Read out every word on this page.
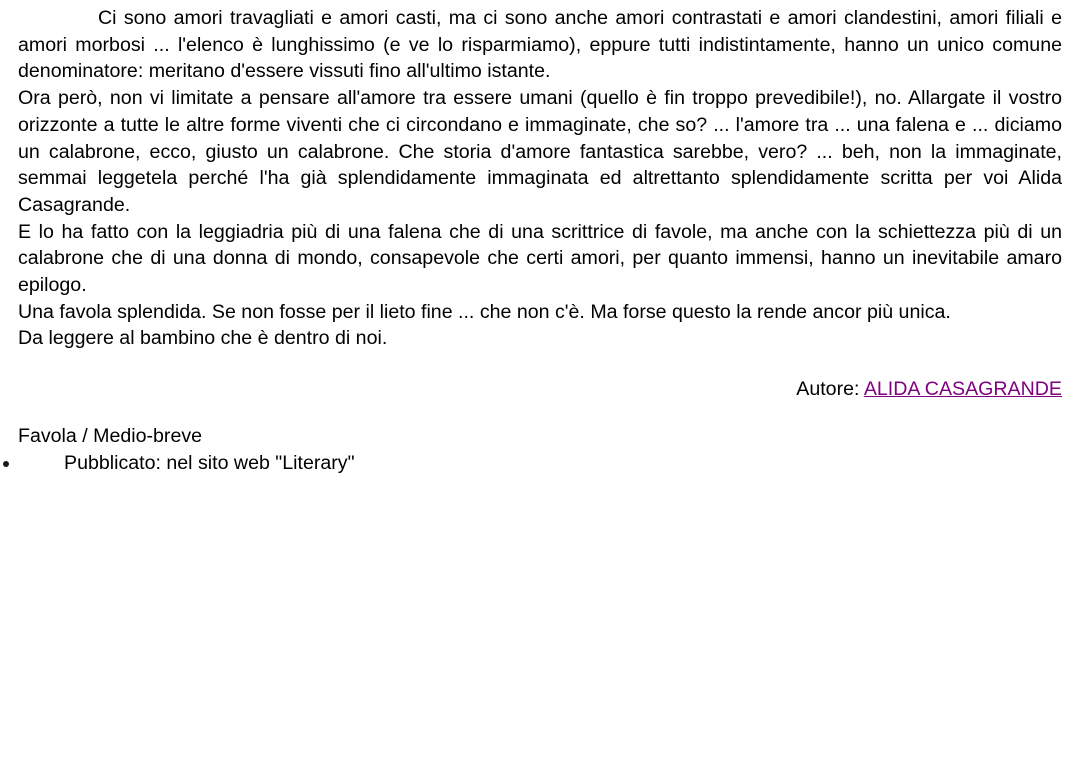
Ci sono amori travagliati e amori casti, ma ci sono anche amori contrastati e amori clandestini, amori filiali e amori morbosi ... l'elenco è lunghissimo (e ve lo risparmiamo), eppure tutti indistintamente, hanno un unico comune denominatore: meritano d'essere vissuti fino all'ultimo istante.

Ora però, non vi limitate a pensare all'amore tra essere umani (quello è fin troppo prevedibile!), no. Allargate il vostro orizzonte a tutte le altre forme viventi che ci circondano e immaginate, che so? ... l'amore tra ... una falena e ... diciamo un calabrone, ecco, giusto un calabrone. Che storia d'amore fantastica sarebbe, vero? ... beh, non la immaginate, semmai leggetela perché l'ha già splendidamente immaginata ed altrettanto splendidamente scritta per voi Alida Casagrande.

E lo ha fatto con la leggiadria più di una falena che di una scrittrice di favole, ma anche con la schiettezza più di un calabrone che di una donna di mondo, consapevole che certi amori, per quanto immensi, hanno un inevitabile amaro epilogo.

Una favola splendida. Se non fosse per il lieto fine ... che non c'è. Ma forse questo la rende ancor più unica.

Da leggere al bambino che è dentro di noi.

Autore: ALIDA CASAGRANDE

Favola / Medio-breve

Pubblicato: nel sito web "Literary"
